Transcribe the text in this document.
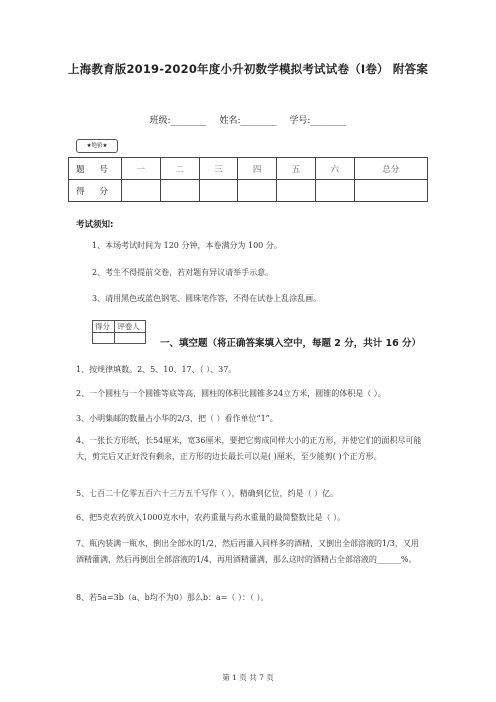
上海教育版2019-2020年度小升初数学模拟考试试卷（I卷） 附答案
班级:________ 姓名:________ 学号:________
★绝密★
题 号	一	二	三	四	五	六	总分
得 分							
考试须知:
1、本场考试时间为 120 分钟，本卷满分为 100 分。
2、考生不得提前交卷，若对题有异议请举手示意。
3、请用黑色或蓝色钢笔、圆珠笔作答，不得在试卷上乱涂乱画。
得分	评卷人

一、填空题（将正确答案填入空中，每题 2 分，共计 16 分）
1、按规律填数。2、5、10、17、（ ）、37。
2、一个圆柱与一个圆锥等底等高，圆柱的体积比圆锥多24立方米，圆锥的体积是（ ）。
3、小明集邮的数量占小华的2/3，把（ ）看作单位“1”。
4、一张长方形纸，长54厘米，宽36厘米，要把它剪成同样大小的正方形，并使它们的面积尽可能大，剪完后又正好没有剩余，正方形的边长最长可以是( )厘米，至少能剪( )个正方形。
5、七百二十亿零五百六十三万五千写作（ ），精确到亿位，约是（ ）亿。
6、把5克农药放入1000克水中，农药重量与药水重量的最简整数比是（ ）。
7、瓶内装满一瓶水，倒出全部水的1/2，然后再灌入同样多的酒精，又倒出全部溶液的1/3，又用酒精灌满，然后再倒出全部溶液的1/4，再用酒精灌满，那么这时的酒精占全部溶液的______%。
8、若5a=3b（a、b均不为0）那么b：a=（ ）：（ ）。
第 1 页 共 7 页
